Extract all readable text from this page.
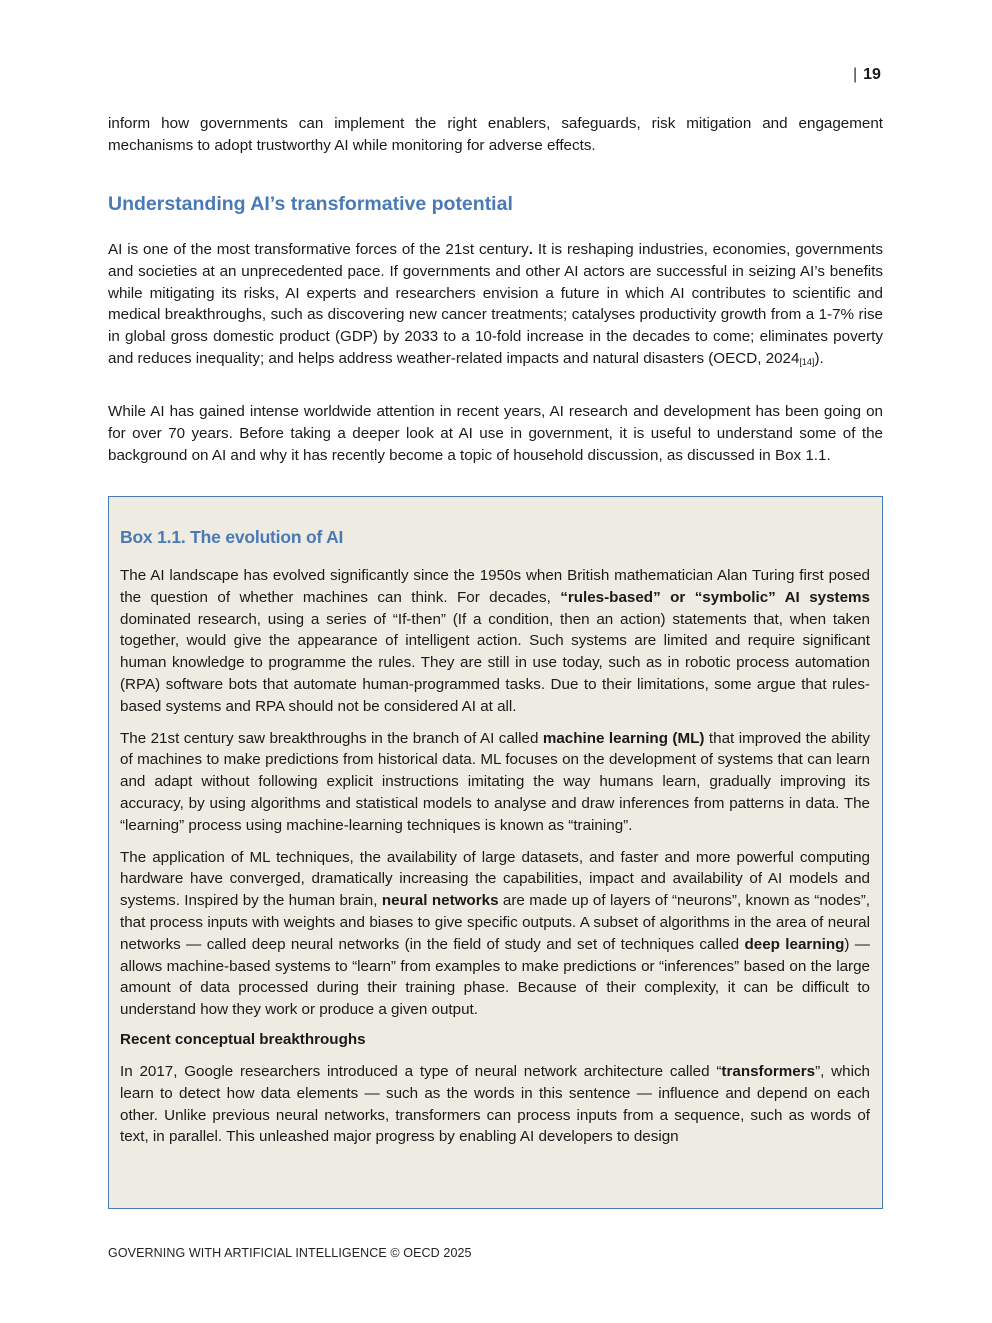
| 19

inform how governments can implement the right enablers, safeguards, risk mitigation and engagement mechanisms to adopt trustworthy AI while monitoring for adverse effects.

Understanding AI’s transformative potential

AI is one of the most transformative forces of the 21st century. It is reshaping industries, economies, governments and societies at an unprecedented pace. If governments and other AI actors are successful in seizing AI’s benefits while mitigating its risks, AI experts and researchers envision a future in which AI contributes to scientific and medical breakthroughs, such as discovering new cancer treatments; catalyses productivity growth from a 1-7% rise in global gross domestic product (GDP) by 2033 to a 10-fold increase in the decades to come; eliminates poverty and reduces inequality; and helps address weather-related impacts and natural disasters (OECD, $2024_{[14]}$).

While AI has gained intense worldwide attention in recent years, AI research and development has been going on for over 70 years. Before taking a deeper look at AI use in government, it is useful to understand some of the background on AI and why it has recently become a topic of household discussion, as discussed in Box 1.1.

Box 1.1. The evolution of AI

The AI landscape has evolved significantly since the 1950s when British mathematician Alan Turing first posed the question of whether machines can think. For decades, “rules-based” or “symbolic” AI systems dominated research, using a series of “If-then” (If a condition, then an action) statements that, when taken together, would give the appearance of intelligent action. Such systems are limited and require significant human knowledge to programme the rules. They are still in use today, such as in robotic process automation (RPA) software bots that automate human-programmed tasks. Due to their limitations, some argue that rules-based systems and RPA should not be considered AI at all.

The 21st century saw breakthroughs in the branch of AI called machine learning (ML) that improved the ability of machines to make predictions from historical data. ML focuses on the development of systems that can learn and adapt without following explicit instructions imitating the way humans learn, gradually improving its accuracy, by using algorithms and statistical models to analyse and draw inferences from patterns in data. The “learning” process using machine-learning techniques is known as “training”.

The application of ML techniques, the availability of large datasets, and faster and more powerful computing hardware have converged, dramatically increasing the capabilities, impact and availability of AI models and systems. Inspired by the human brain, neural networks are made up of layers of “neurons”, known as “nodes”, that process inputs with weights and biases to give specific outputs. A subset of algorithms in the area of neural networks — called deep neural networks (in the field of study and set of techniques called deep learning) — allows machine-based systems to “learn” from examples to make predictions or “inferences” based on the large amount of data processed during their training phase. Because of their complexity, it can be difficult to understand how they work or produce a given output.

Recent conceptual breakthroughs

In 2017, Google researchers introduced a type of neural network architecture called “transformers”, which learn to detect how data elements — such as the words in this sentence — influence and depend on each other. Unlike previous neural networks, transformers can process inputs from a sequence, such as words of text, in parallel. This unleashed major progress by enabling AI developers to design

GOVERNING WITH ARTIFICIAL INTELLIGENCE © OECD 2025
